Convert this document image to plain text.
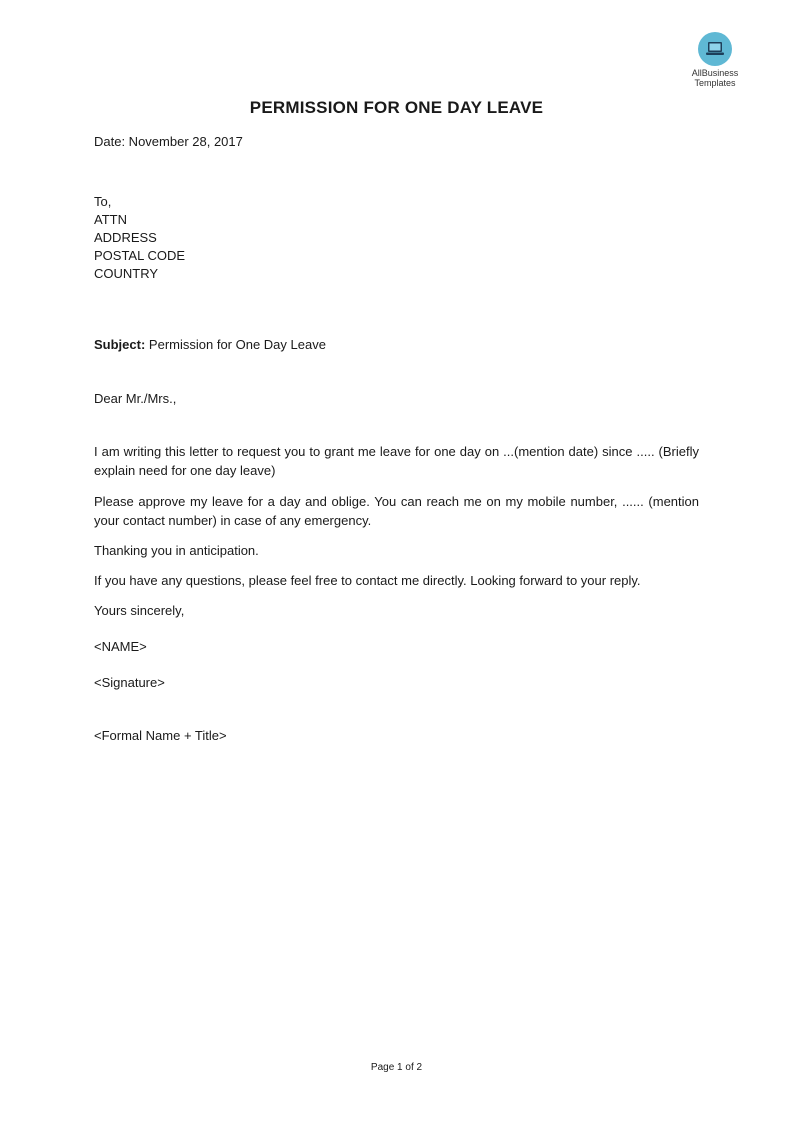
AllBusiness
Templates
PERMISSION FOR ONE DAY LEAVE
Date: November 28, 2017
To,
ATTN
ADDRESS
POSTAL CODE
COUNTRY
Subject: Permission for One Day Leave
Dear Mr./Mrs.,
I am writing this letter to request you to grant me leave for one day on ...(mention date) since ..... (Briefly explain need for one day leave)
Please approve my leave for a day and oblige. You can reach me on my mobile number, ...... (mention your contact number) in case of any emergency.
Thanking you in anticipation.
If you have any questions, please feel free to contact me directly. Looking forward to your reply.
Yours sincerely,
<NAME>
<Signature>
<Formal Name + Title>
Page 1 of 2
